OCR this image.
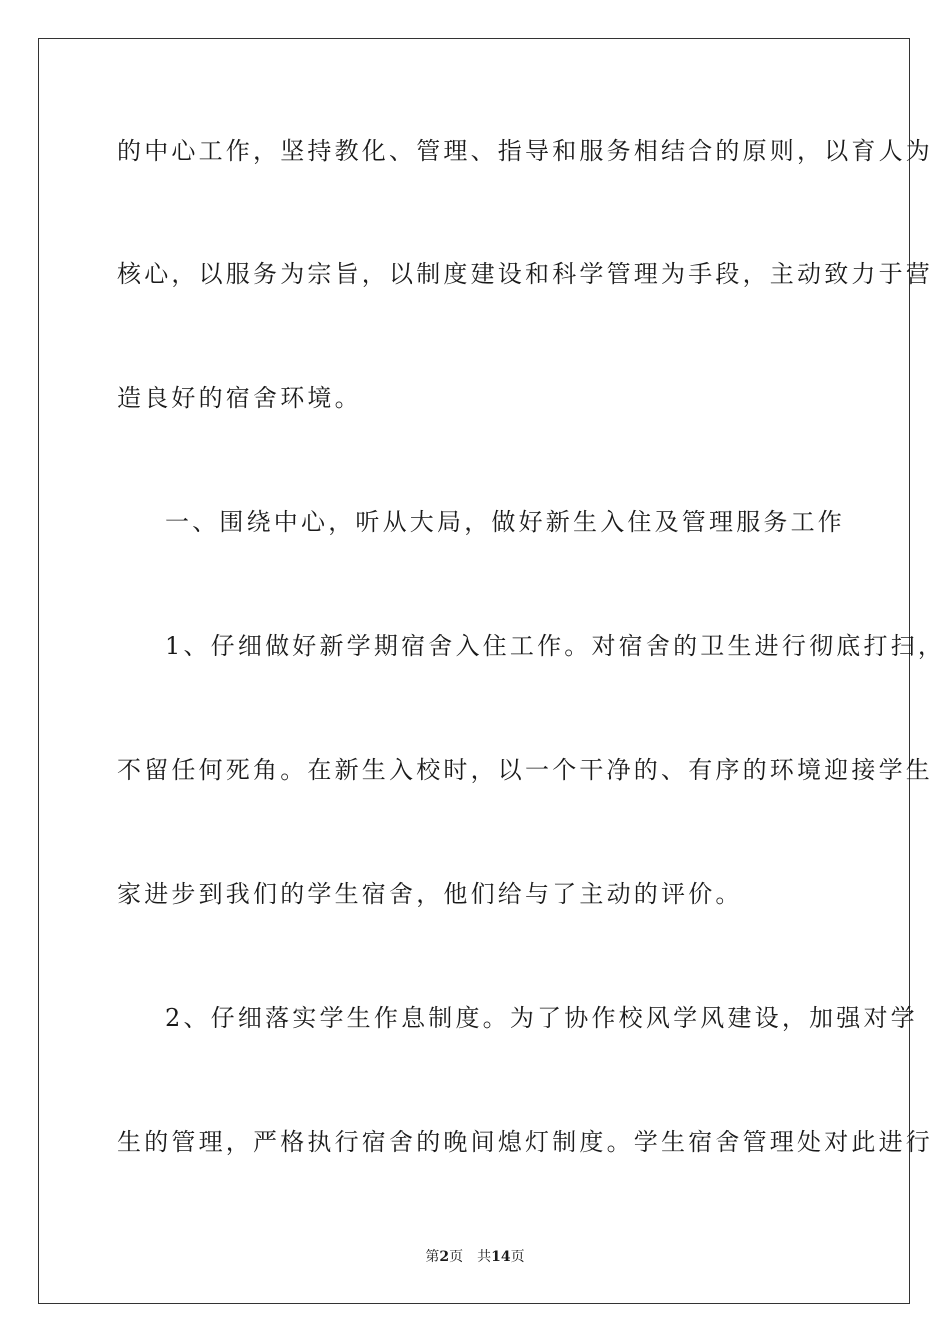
的中心工作，坚持教化、管理、指导和服务相结合的原则，以育人为
核心，以服务为宗旨，以制度建设和科学管理为手段，主动致力于营
造良好的宿舍环境。
一、围绕中心，听从大局，做好新生入住及管理服务工作
1、仔细做好新学期宿舍入住工作。对宿舍的卫生进行彻底打扫，
不留任何死角。在新生入校时，以一个干净的、有序的环境迎接学生
家进步到我们的学生宿舍，他们给与了主动的评价。
2、仔细落实学生作息制度。为了协作校风学风建设，加强对学
生的管理，严格执行宿舍的晚间熄灯制度。学生宿舍管理处对此进行
第2页 共14页
